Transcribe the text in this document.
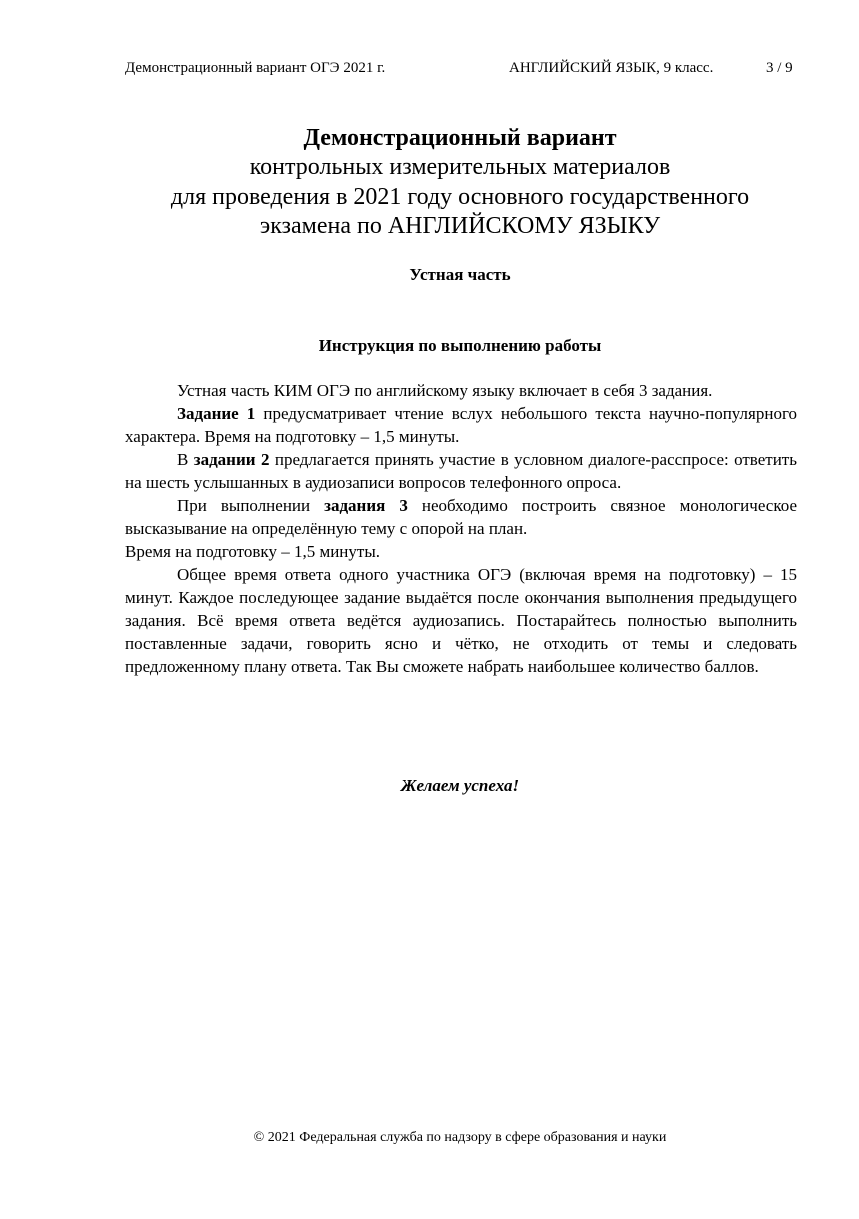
Демонстрационный вариант ОГЭ 2021 г.	АНГЛИЙСКИЙ ЯЗЫК, 9 класс.	3 / 9
Демонстрационный вариант
контрольных измерительных материалов
для проведения в 2021 году основного государственного
экзамена по АНГЛИЙСКОМУ ЯЗЫКУ
Устная часть
Инструкция по выполнению работы

Устная часть КИМ ОГЭ по английскому языку включает в себя 3 задания.

Задание 1 предусматривает чтение вслух небольшого текста научно-популярного характера. Время на подготовку – 1,5 минуты.

В задании 2 предлагается принять участие в условном диалоге-расспросе: ответить на шесть услышанных в аудиозаписи вопросов телефонного опроса.

При выполнении задания 3 необходимо построить связное монологическое высказывание на определённую тему с опорой на план.

Время на подготовку – 1,5 минуты.

Общее время ответа одного участника ОГЭ (включая время на подготовку) – 15 минут. Каждое последующее задание выдаётся после окончания выполнения предыдущего задания. Всё время ответа ведётся аудиозапись. Постарайтесь полностью выполнить поставленные задачи, говорить ясно и чётко, не отходить от темы и следовать предложенному плану ответа. Так Вы сможете набрать наибольшее количество баллов.

Желаем успеха!
© 2021 Федеральная служба по надзору в сфере образования и науки
